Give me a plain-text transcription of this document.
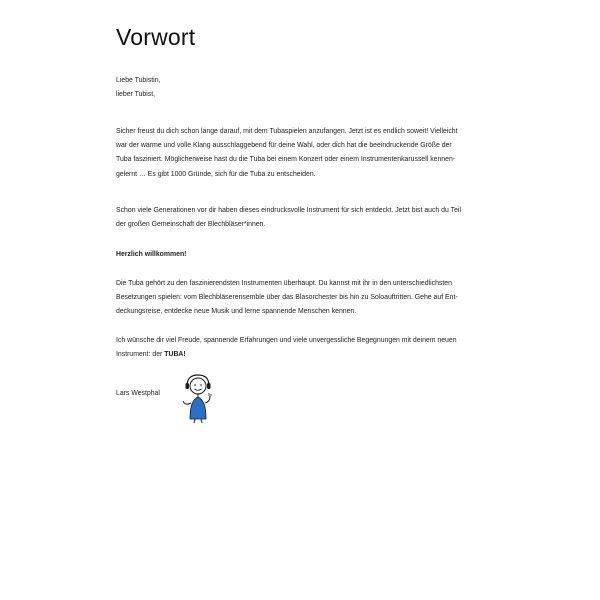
Vorwort

Liebe Tubistin,
lieber Tubist,

Sicher freust du dich schon lange darauf, mit dem Tubaspielen anzufangen. Jetzt ist es endlich soweit! Vielleicht
war der warme und volle Klang ausschlaggebend für deine Wahl, oder dich hat die beeindruckende Größe der
Tuba fasziniert. Möglicherweise hast du die Tuba bei einem Konzert oder einem Instrumentenkarussell kennen-
gelernt … Es gibt 1000 Gründe, sich für die Tuba zu entscheiden.

Schon viele Generationen vor dir haben dieses eindrucksvolle Instrument für sich entdeckt. Jetzt bist auch du Teil
der großen Gemeinschaft der Blechbläser*innen.

Herzlich willkommen!

Die Tuba gehört zu den faszinierendsten Instrumenten überhaupt. Du kannst mit ihr in den unterschiedlichsten
Besetzungen spielen: vom Blechbläserensemble über das Blasorchester bis hin zu Soloauftritten. Gehe auf Ent-
deckungsreise, entdecke neue Musik und lerne spannende Menschen kennen.

Ich wünsche dir viel Freude, spannende Erfahrungen und viele unvergessliche Begegnungen mit deinem neuen
Instrument: der TUBA!

Lars Westphal
